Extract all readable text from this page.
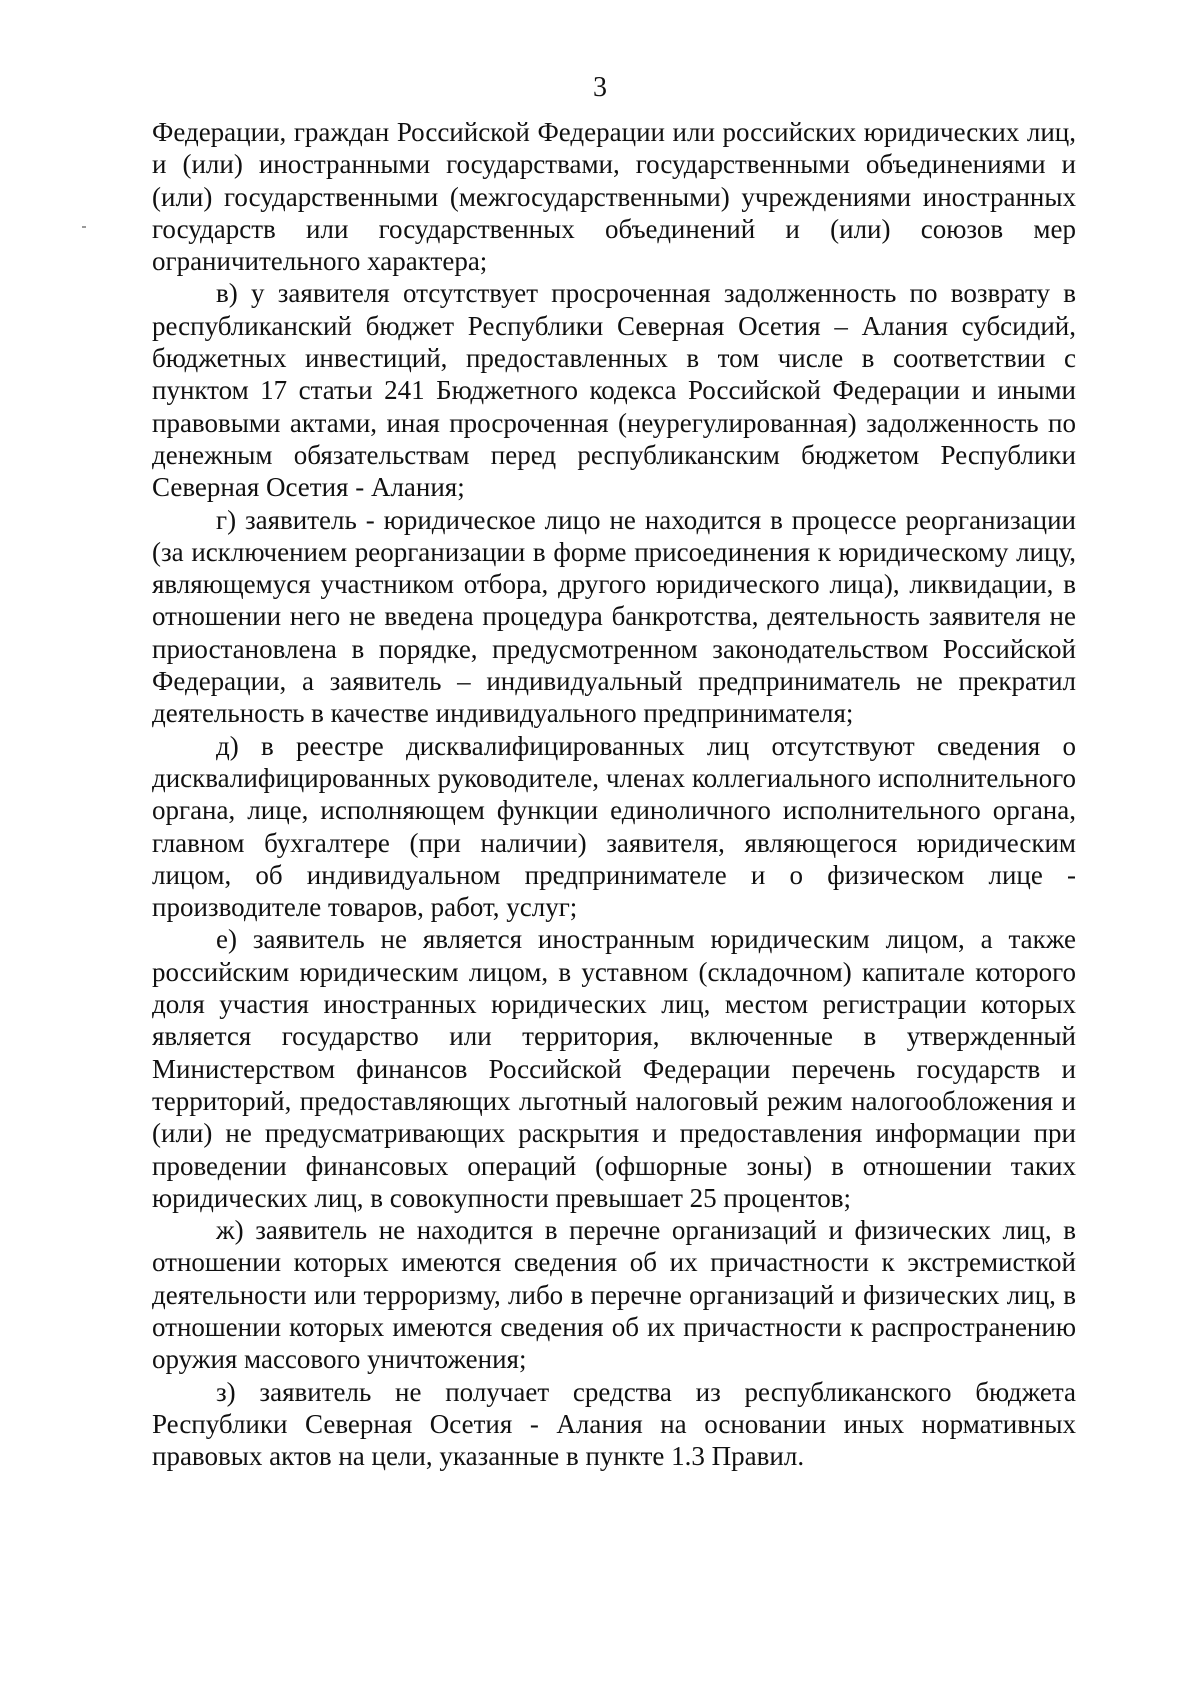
3

Федерации, граждан Российской Федерации или российских юридических лиц, и (или) иностранными государствами, государственными объединениями и (или) государственными (межгосударственными) учреждениями иностранных государств или государственных объединений и (или) союзов мер ограничительного характера;

в) у заявителя отсутствует просроченная задолженность по возврату в республиканский бюджет Республики Северная Осетия – Алания субсидий, бюджетных инвестиций, предоставленных в том числе в соответствии с пунктом 17 статьи 241 Бюджетного кодекса Российской Федерации и иными правовыми актами, иная просроченная (неурегулированная) задолженность по денежным обязательствам перед республиканским бюджетом Республики Северная Осетия - Алания;

г) заявитель - юридическое лицо не находится в процессе реорганизации (за исключением реорганизации в форме присоединения к юридическому лицу, являющемуся участником отбора, другого юридического лица), ликвидации, в отношении него не введена процедура банкротства, деятельность заявителя не приостановлена в порядке, предусмотренном законодательством Российской Федерации, а заявитель – индивидуальный предприниматель не прекратил деятельность в качестве индивидуального предпринимателя;

д) в реестре дисквалифицированных лиц отсутствуют сведения о дисквалифицированных руководителе, членах коллегиального исполнительного органа, лице, исполняющем функции единоличного исполнительного органа, главном бухгалтере (при наличии) заявителя, являющегося юридическим лицом, об индивидуальном предпринимателе и о физическом лице - производителе товаров, работ, услуг;

е) заявитель не является иностранным юридическим лицом, а также российским юридическим лицом, в уставном (складочном) капитале которого доля участия иностранных юридических лиц, местом регистрации которых является государство или территория, включенные в утвержденный Министерством финансов Российской Федерации перечень государств и территорий, предоставляющих льготный налоговый режим налогообложения и (или) не предусматривающих раскрытия и предоставления информации при проведении финансовых операций (офшорные зоны) в отношении таких юридических лиц, в совокупности превышает 25 процентов;

ж) заявитель не находится в перечне организаций и физических лиц, в отношении которых имеются сведения об их причастности к экстремисткой деятельности или терроризму, либо в перечне организаций и физических лиц, в отношении которых имеются сведения об их причастности к распространению оружия массового уничтожения;

з) заявитель не получает средства из республиканского бюджета Республики Северная Осетия - Алания на основании иных нормативных правовых актов на цели, указанные в пункте 1.3 Правил.
